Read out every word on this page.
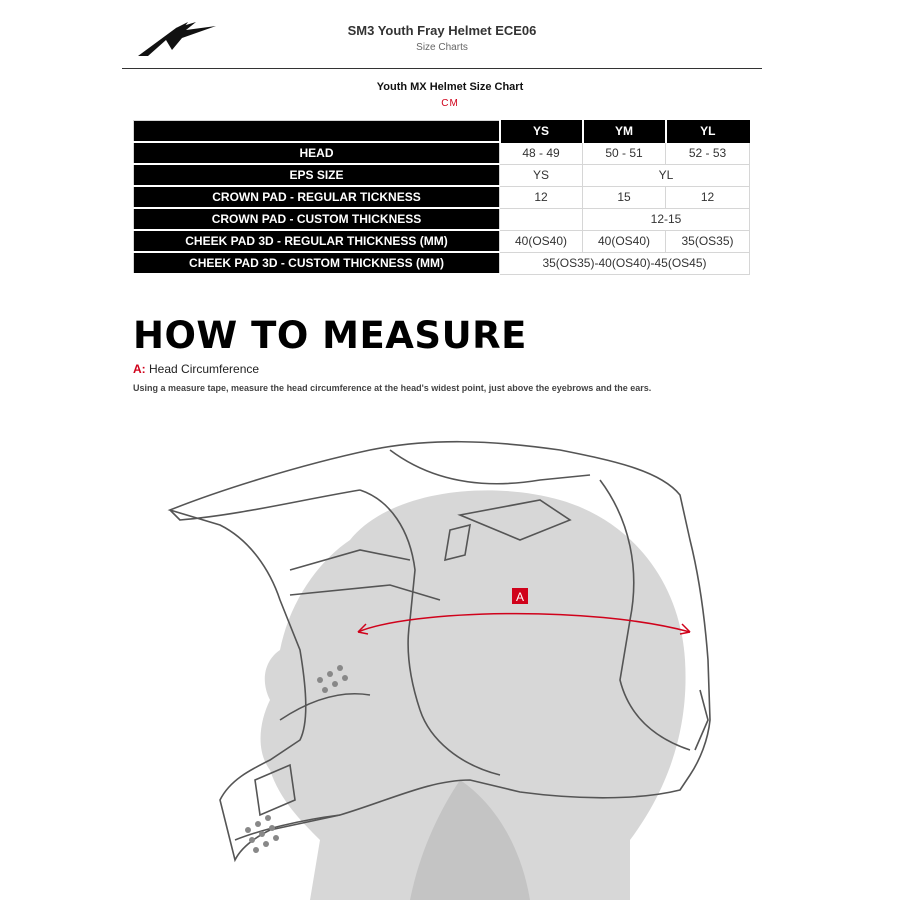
SM3 Youth Fray Helmet ECE06
Size Charts
Youth MX Helmet Size Chart
CM
	YS	YM	YL
HEAD	48 - 49	50 - 51	52 - 53
EPS SIZE	YS	YL	
CROWN PAD - REGULAR TICKNESS	12	15	12
CROWN PAD - CUSTOM THICKNESS		12-15	
CHEEK PAD 3D - REGULAR THICKNESS (MM)	40(OS40)	40(OS40)	35(OS35)
CHEEK PAD 3D - CUSTOM THICKNESS (MM)	35(OS35)-40(OS40)-45(OS45)		
HOW TO MEASURE
A: Head Circumference
Using a measure tape, measure the head circumference at the head's widest point, just above the eyebrows and the ears.
A
